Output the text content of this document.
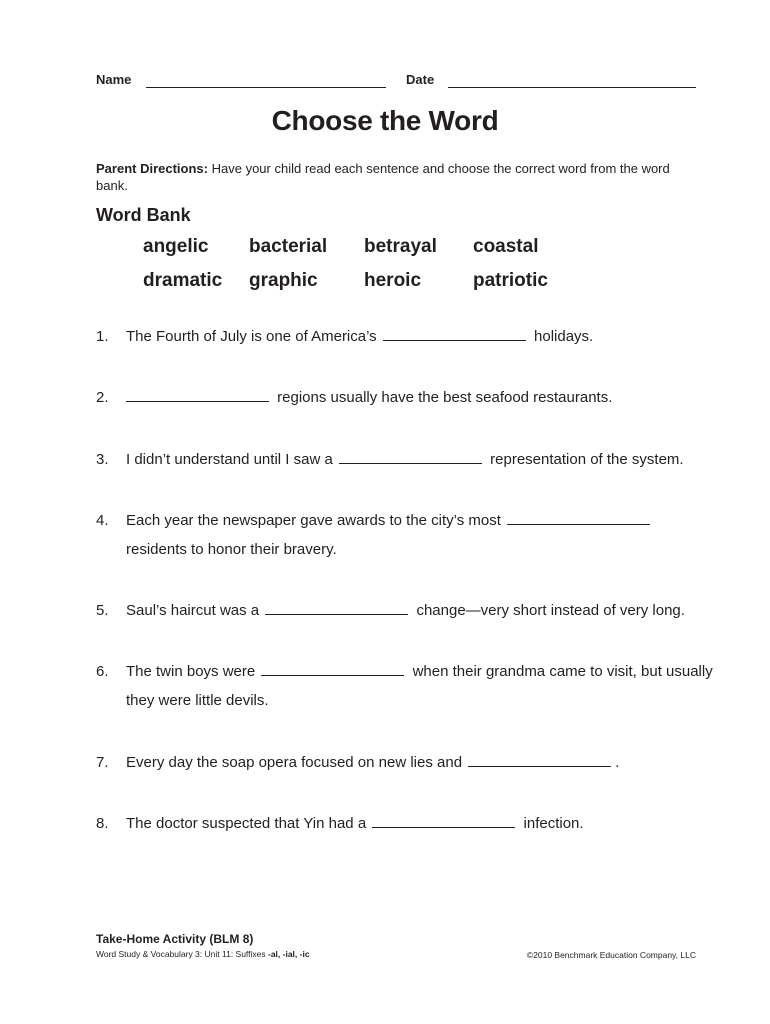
Name	Date
Choose the Word
Parent Directions: Have your child read each sentence and choose the correct word from the word bank.
Word Bank
angelic bacterial betrayal coastal
dramatic graphic heroic	patriotic
1. The Fourth of July is one of America’s	holidays.
2.	regions usually have the best seafood restaurants.
3. I didn’t understand until I saw a	representation of the system.
4. Each year the newspaper gave awards to the city’s most
residents to honor their bravery.
5. Saul’s haircut was a	change—very short instead of very long.
6. The twin boys were	when their grandma came to visit, but usually they were little devils.
7. Every day the soap opera focused on new lies and	.
8. The doctor suspected that Yin had a	infection.
Take-Home Activity (BLM 8)
Word Study & Vocabulary 3: Unit 11: Suffixes -al, -ial, -ic	©2010 Benchmark Education Company, LLC
